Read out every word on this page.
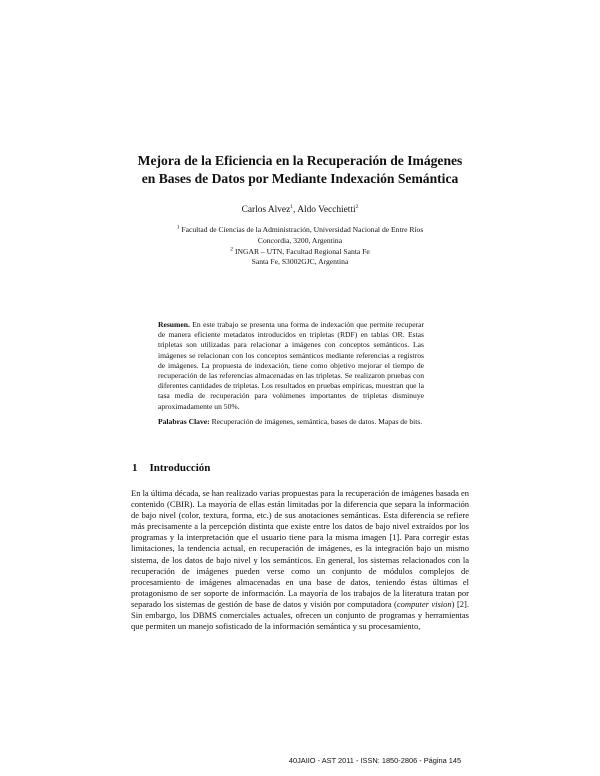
Mejora de la Eficiencia en la Recuperación de Imágenes
en Bases de Datos por Mediante Indexación Semántica
Carlos Alvez$^1$, Aldo Vecchietti$^2$
$^1$ Facultad de Ciencias de la Administración, Universidad Nacional de Entre Ríos
Concordia, 3200, Argentina
$^2$ INGAR – UTN, Facultad Regional Santa Fe
Santa Fe, S3002GJC, Argentina
Resumen. En este trabajo se presenta una forma de indexación que permite recuperar de manera eficiente metadatos introducidos en tripletas (RDF) en tablas OR. Estas tripletas son utilizadas para relacionar a imágenes con conceptos semánticos. Las imágenes se relacionan con los conceptos semánticos mediante referencias a registros de imágenes. La propuesta de indexación, tiene como objetivo mejorar el tiempo de recuperación de las referencias almacenadas en las tripletas. Se realizaron pruebas con diferentes cantidades de tripletas. Los resultados en pruebas empíricas, muestran que la tasa media de recuperación para volúmenes importantes de tripletas disminuye aproximadamente un 50%.
Palabras Clave: Recuperación de imágenes, semántica, bases de datos. Mapas de bits.
1 Introducción
En la última década, se han realizado varias propuestas para la recuperación de imágenes basada en contenido (CBIR). La mayoría de ellas están limitadas por la diferencia que separa la información de bajo nivel (color, textura, forma, etc.) de sus anotaciones semánticas. Esta diferencia se refiere más precisamente a la percepción distinta que existe entre los datos de bajo nivel extraídos por los programas y la interpretación que el usuario tiene para la misma imagen [1]. Para corregir estas limitaciones, la tendencia actual, en recuperación de imágenes, es la integración bajo un mismo sistema, de los datos de bajo nivel y los semánticos. En general, los sistemas relacionados con la recuperación de imágenes pueden verse como un conjunto de módulos complejos de procesamiento de imágenes almacenadas en una base de datos, teniendo éstas últimas el protagonismo de ser soporte de información. La mayoría de los trabajos de la literatura tratan por separado los sistemas de gestión de base de datos y visión por computadora (computer vision) [2]. Sin embargo, los DBMS comerciales actuales, ofrecen un conjunto de programas y herramientas que permiten un manejo sofisticado de la información semántica y su procesamiento,
40JAIIO - AST 2011 - ISSN: 1850-2806 - Página 145
